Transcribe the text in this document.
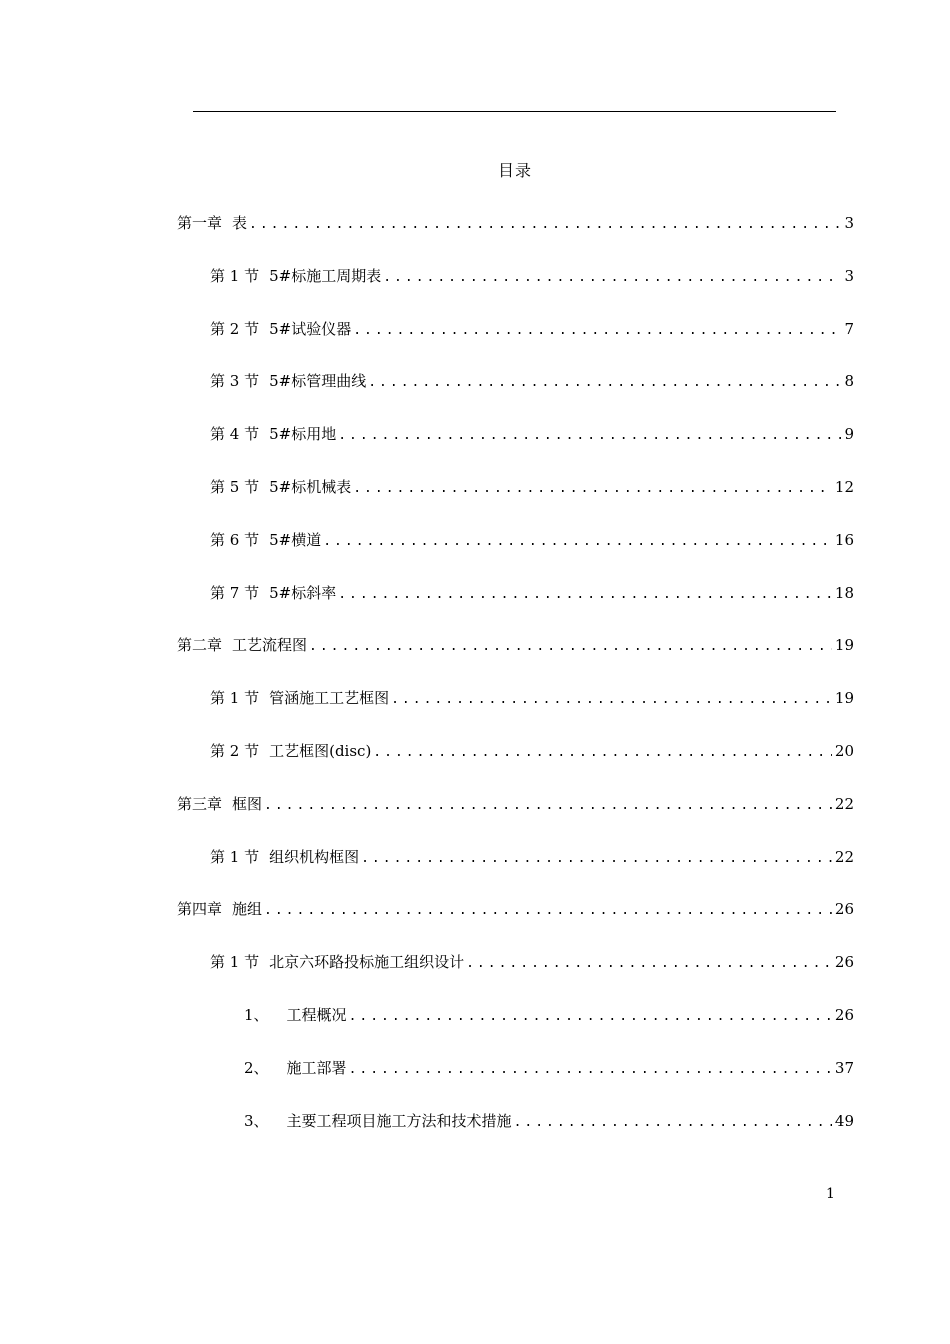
目录
第一章 表 .....	3
第 1 节 5#标施工周期表 .....	3
第 2 节 5#试验仪器 .....	7
第 3 节 5#标管理曲线 .....	8
第 4 节 5#标用地 .....	9
第 5 节 5#标机械表 .....	12
第 6 节 5#横道 .....	16
第 7 节 5#标斜率 .....	18
第二章 工艺流程图 .....	19
第 1 节 管涵施工工艺框图 .....	19
第 2 节 工艺框图(disc) .....	20
第三章 框图 .....	22
第 1 节 组织机构框图 .....	22
第四章 施组 .....	26
第 1 节 北京六环路投标施工组织设计 .....	26
1、 工程概况 .....	26
2、 施工部署 .....	37
3、 主要工程项目施工方法和技术措施 .....	49
1
